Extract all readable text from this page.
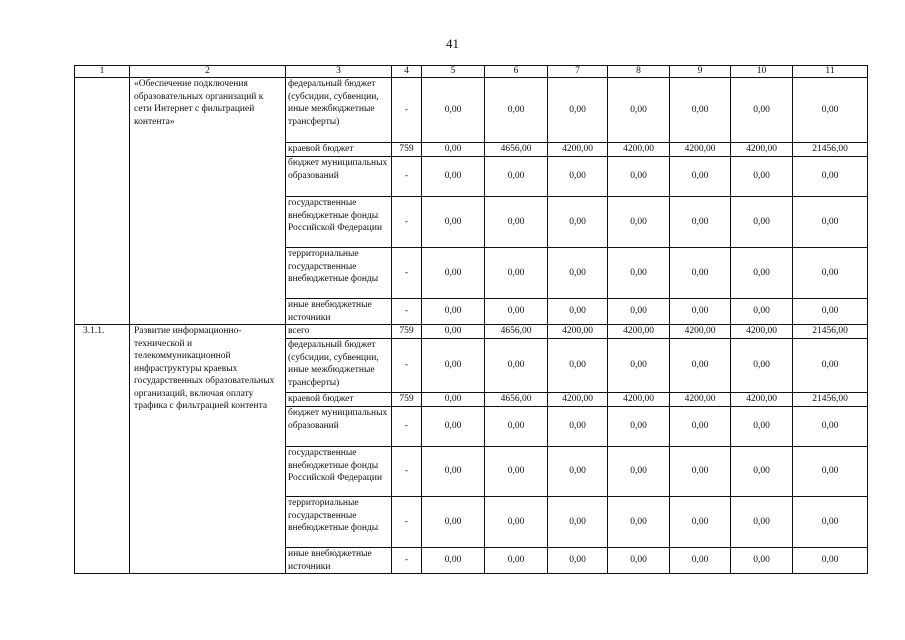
41
1	2	3	4	5	6	7	8	9	10	11
	«Обеспечение подключения образовательных организаций к сети Интернет с фильтрацией контента»	федеральный бюджет (субсидии, субвенции, иные межбюджетные трансферты)	-	0,00	0,00	0,00	0,00	0,00	0,00	0,00
		краевой бюджет	759	0,00	4656,00	4200,00	4200,00	4200,00	4200,00	21456,00
		бюджет муниципальных образований	-	0,00	0,00	0,00	0,00	0,00	0,00	0,00
		государственные внебюджетные фонды Российской Федерации	-	0,00	0,00	0,00	0,00	0,00	0,00	0,00
		территориальные государственные внебюджетные фонды	-	0,00	0,00	0,00	0,00	0,00	0,00	0,00
		иные внебюджетные источники	-	0,00	0,00	0,00	0,00	0,00	0,00	0,00
3.1.1.	Развитие информационно-технической и телекоммуникационной инфраструктуры краевых государственных образовательных организаций, включая оплату трафика с фильтрацией контента	всего	759	0,00	4656,00	4200,00	4200,00	4200,00	4200,00	21456,00
		федеральный бюджет (субсидии, субвенции, иные межбюджетные трансферты)	-	0,00	0,00	0,00	0,00	0,00	0,00	0,00
		краевой бюджет	759	0,00	4656,00	4200,00	4200,00	4200,00	4200,00	21456,00
		бюджет муниципальных образований	-	0,00	0,00	0,00	0,00	0,00	0,00	0,00
		государственные внебюджетные фонды Российской Федерации	-	0,00	0,00	0,00	0,00	0,00	0,00	0,00
		территориальные государственные внебюджетные фонды	-	0,00	0,00	0,00	0,00	0,00	0,00	0,00
		иные внебюджетные источники	-	0,00	0,00	0,00	0,00	0,00	0,00	0,00
